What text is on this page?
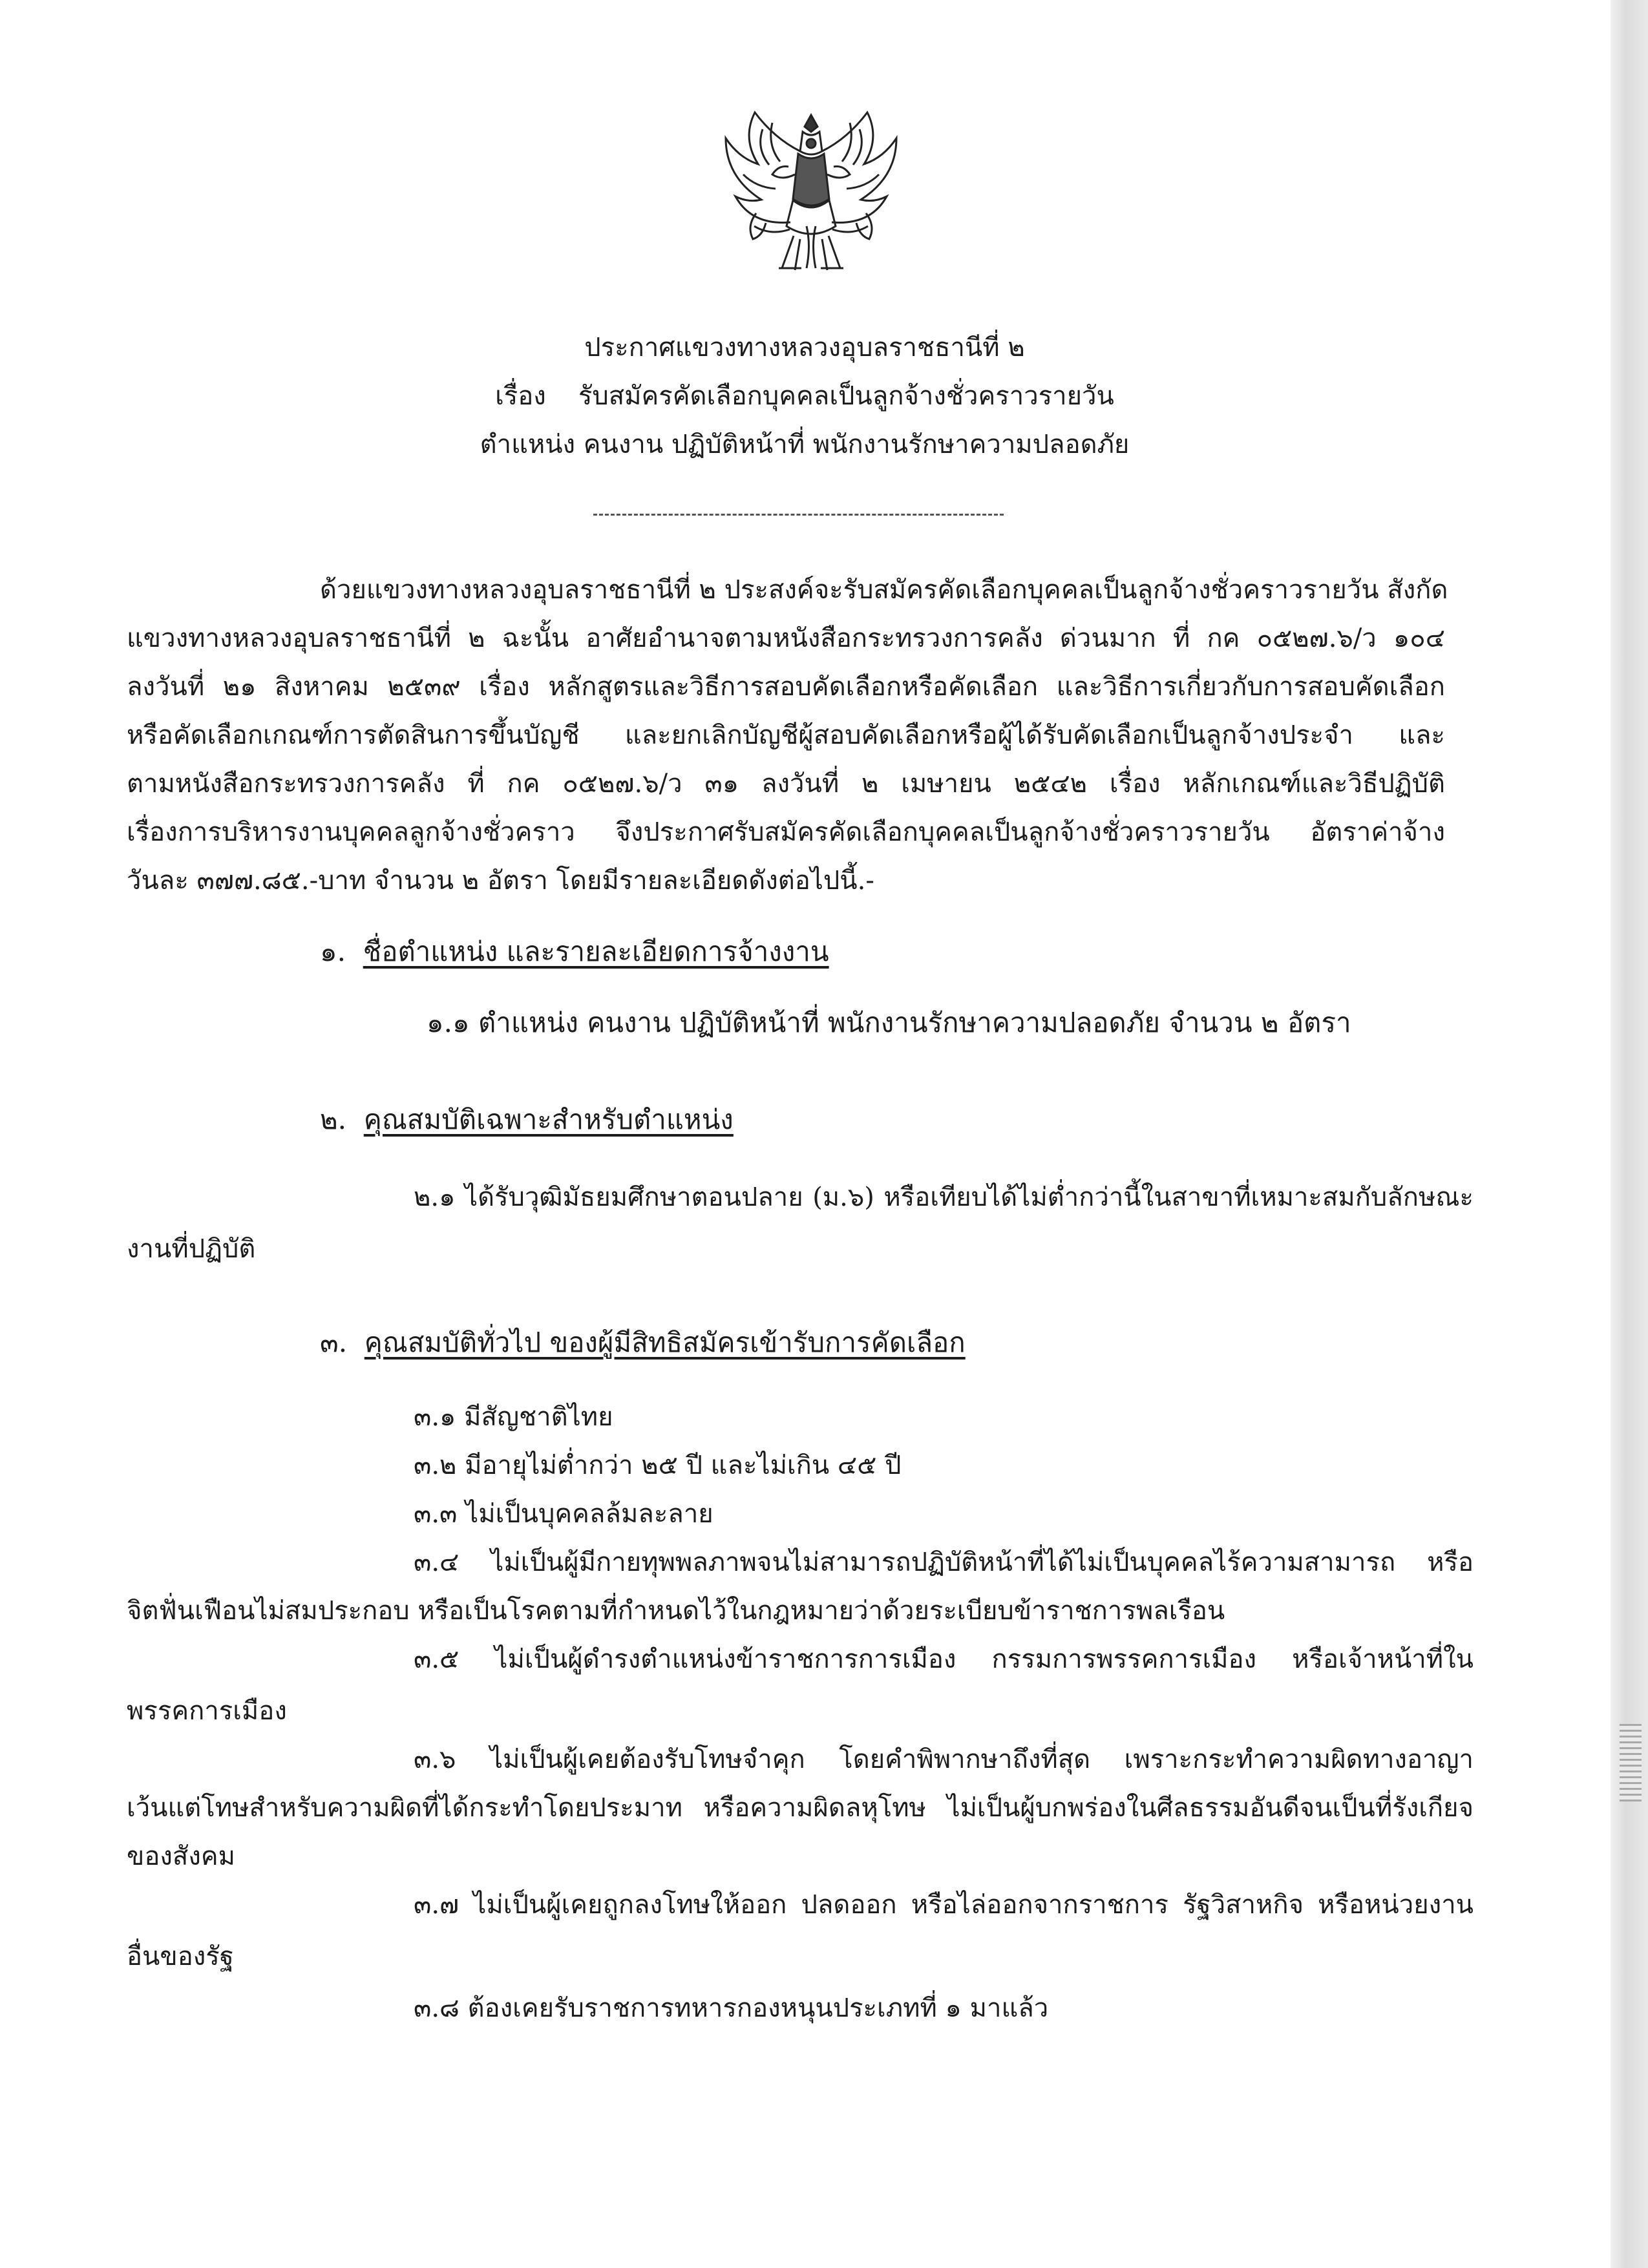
ประกาศแขวงทางหลวงอุบลราชธานีที่ ๒
เรื่อง รับสมัครคัดเลือกบุคคลเป็นลูกจ้างชั่วคราวรายวัน
ตำแหน่ง คนงาน ปฏิบัติหน้าที่ พนักงานรักษาความปลอดภัย
ด้วยแขวงทางหลวงอุบลราชธานีที่ ๒ ประสงค์จะรับสมัครคัดเลือกบุคคลเป็นลูกจ้างชั่วคราวรายวัน สังกัด
แขวงทางหลวงอุบลราชธานีที่ ๒ ฉะนั้น อาศัยอำนาจตามหนังสือกระทรวงการคลัง ด่วนมาก ที่ กค ๐๕๒๗.๖/ว ๑๐๔
ลงวันที่ ๒๑ สิงหาคม ๒๕๓๙ เรื่อง หลักสูตรและวิธีการสอบคัดเลือกหรือคัดเลือก และวิธีการเกี่ยวกับการสอบคัดเลือก
หรือคัดเลือกเกณฑ์การตัดสินการขึ้นบัญชี และยกเลิกบัญชีผู้สอบคัดเลือกหรือผู้ได้รับคัดเลือกเป็นลูกจ้างประจำ และ
ตามหนังสือกระทรวงการคลัง ที่ กค ๐๕๒๗.๖/ว ๓๑ ลงวันที่ ๒ เมษายน ๒๕๔๒ เรื่อง หลักเกณฑ์และวิธีปฏิบัติ
เรื่องการบริหารงานบุคคลลูกจ้างชั่วคราว จึงประกาศรับสมัครคัดเลือกบุคคลเป็นลูกจ้างชั่วคราวรายวัน อัตราค่าจ้าง
วันละ ๓๗๗.๘๕.-บาท จำนวน ๒ อัตรา โดยมีรายละเอียดดังต่อไปนี้.-
๑. ชื่อตำแหน่ง และรายละเอียดการจ้างงาน
๑.๑ ตำแหน่ง คนงาน ปฏิบัติหน้าที่ พนักงานรักษาความปลอดภัย จำนวน ๒ อัตรา
๒. คุณสมบัติเฉพาะสำหรับตำแหน่ง
๒.๑ ได้รับวุฒิมัธยมศึกษาตอนปลาย (ม.๖) หรือเทียบได้ไม่ต่ำกว่านี้ในสาขาที่เหมาะสมกับลักษณะ
งานที่ปฏิบัติ
๓. คุณสมบัติทั่วไป ของผู้มีสิทธิสมัครเข้ารับการคัดเลือก
๓.๑ มีสัญชาติไทย
๓.๒ มีอายุไม่ต่ำกว่า ๒๕ ปี และไม่เกิน ๔๕ ปี
๓.๓ ไม่เป็นบุคคลล้มละลาย
๓.๔ ไม่เป็นผู้มีกายทุพพลภาพจนไม่สามารถปฏิบัติหน้าที่ได้ไม่เป็นบุคคลไร้ความสามารถ หรือ
จิตฟั่นเฟือนไม่สมประกอบ หรือเป็นโรคตามที่กำหนดไว้ในกฎหมายว่าด้วยระเบียบข้าราชการพลเรือน
๓.๕ ไม่เป็นผู้ดำรงตำแหน่งข้าราชการการเมือง กรรมการพรรคการเมือง หรือเจ้าหน้าที่ใน
พรรคการเมือง
๓.๖ ไม่เป็นผู้เคยต้องรับโทษจำคุก โดยคำพิพากษาถึงที่สุด เพราะกระทำความผิดทางอาญา
เว้นแต่โทษสำหรับความผิดที่ได้กระทำโดยประมาท หรือความผิดลหุโทษ ไม่เป็นผู้บกพร่องในศีลธรรมอันดีจนเป็นที่รังเกียจ
ของสังคม
๓.๗ ไม่เป็นผู้เคยถูกลงโทษให้ออก ปลดออก หรือไล่ออกจากราชการ รัฐวิสาหกิจ หรือหน่วยงาน
อื่นของรัฐ
๓.๘ ต้องเคยรับราชการทหารกองหนุนประเภทที่ ๑ มาแล้ว
